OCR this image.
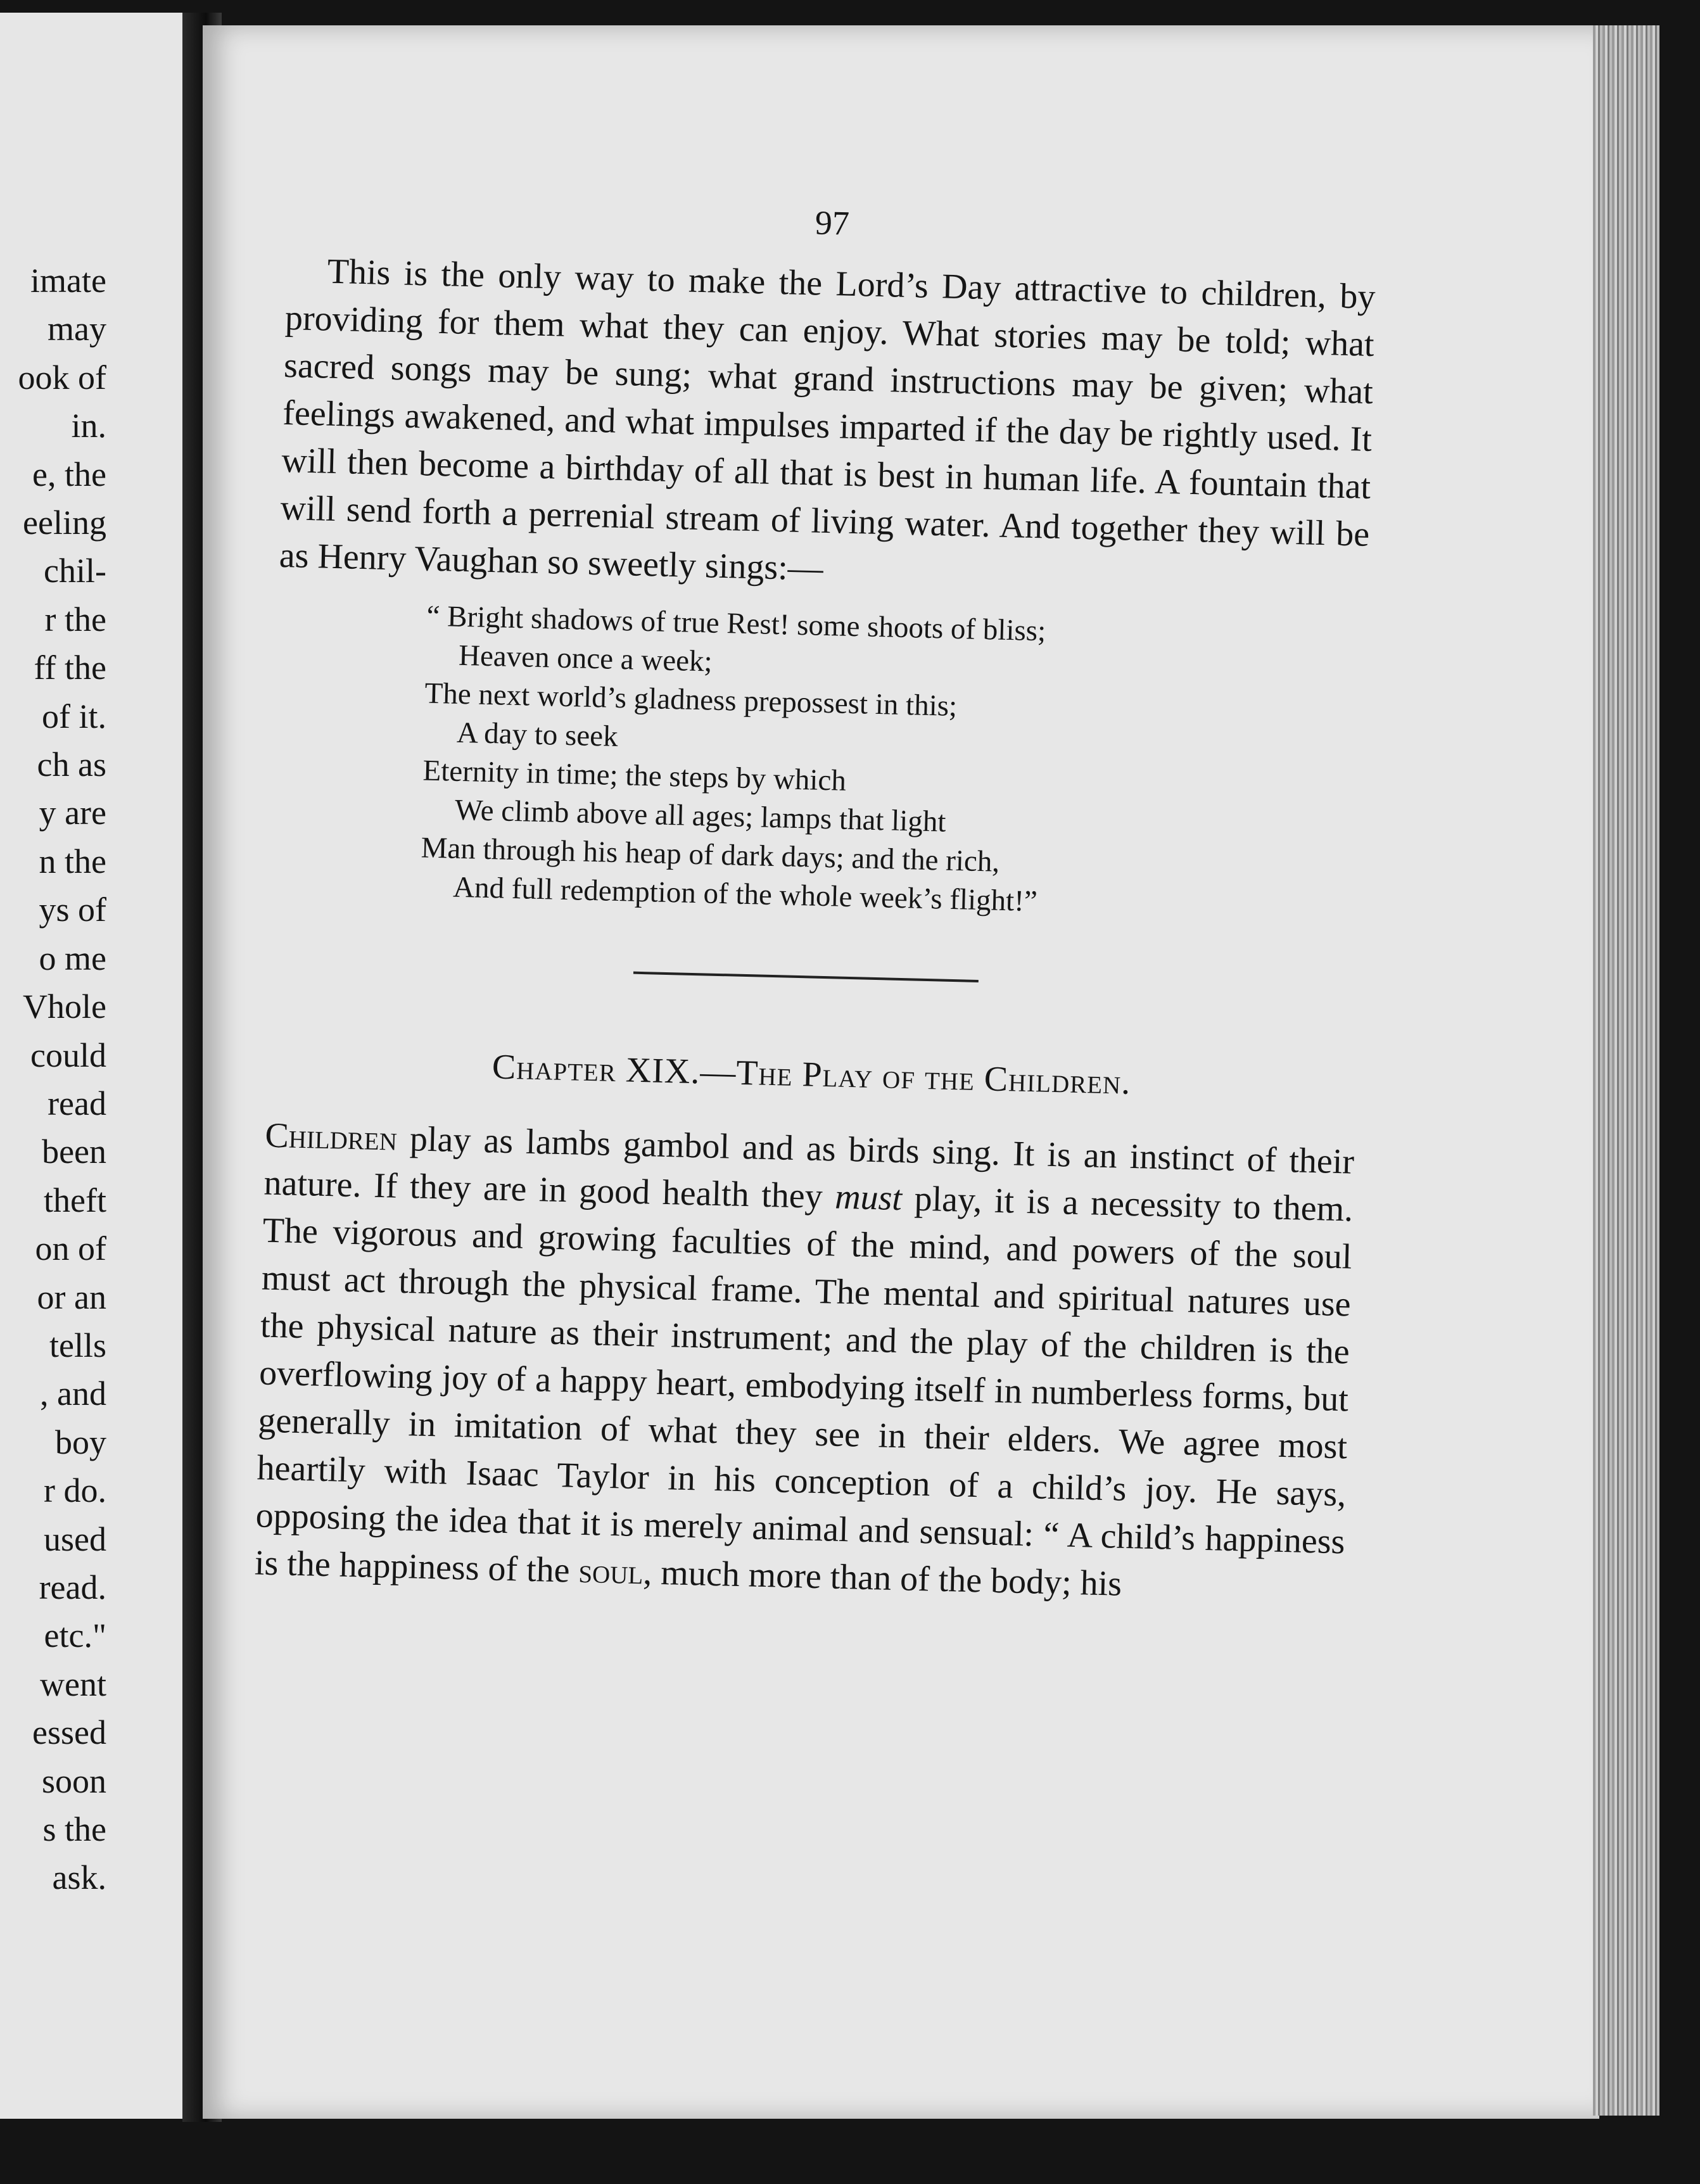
imate
may
ook of
in.
e, the
eeling
chil-
r the
ff the
of it.
ch as
y are
n the
ys of
o me
Vhole
could
read
been
theft
on of
or an
tells
, and
boy
r do.
used
read.
etc."
went
essed
soon
s the
ask.
97

This is the only way to make the Lord’s Day attractive to children, by providing for them what they can enjoy. What stories may be told; what sacred songs may be sung; what grand instructions may be given; what feelings awakened, and what impulses imparted if the day be rightly used. It will then become a birthday of all that is best in human life. A fountain that will send forth a perrenial stream of living water. And together they will be as Henry Vaughan so sweetly sings:—

“ Bright shadows of true Rest! some shoots of bliss;
Heaven once a week;
The next world’s gladness prepossest in this;
A day to seek
Eternity in time; the steps by which
We climb above all ages; lamps that light
Man through his heap of dark days; and the rich,
And full redemption of the whole week’s flight!”
Chapter XIX.—The Play of the Children.

Children play as lambs gambol and as birds sing. It is an instinct of their nature. If they are in good health they must play, it is a necessity to them. The vigorous and growing faculties of the mind, and powers of the soul must act through the physical frame. The mental and spiritual natures use the physical nature as their instrument; and the play of the children is the overflowing joy of a happy heart, embodying itself in numberless forms, but generally in imitation of what they see in their elders. We agree most heartily with Isaac Taylor in his conception of a child’s joy. He says, opposing the idea that it is merely animal and sensual: “ A child’s happiness is the happiness of the soul, much more than of the body; his
